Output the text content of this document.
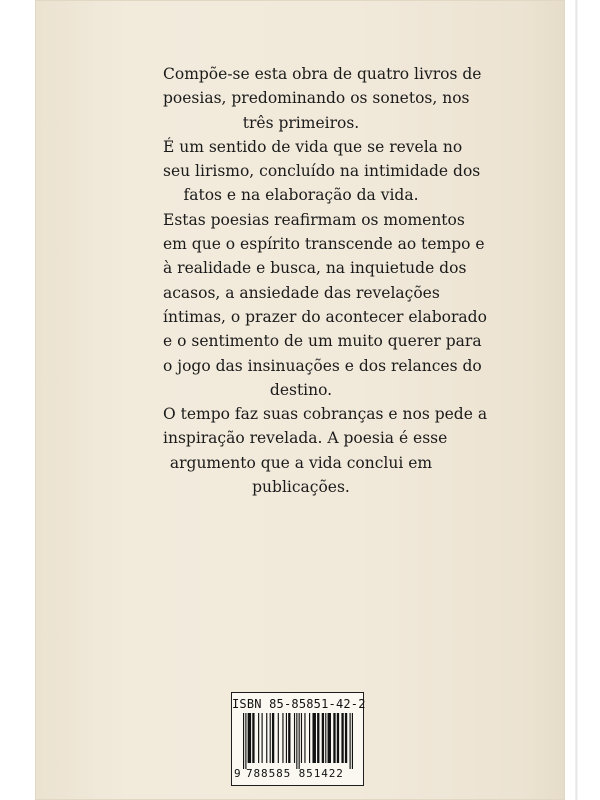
Compõe-se esta obra de quatro livros de
poesias, predominando os sonetos, nos
três primeiros.
É um sentido de vida que se revela no
seu lirismo, concluído na intimidade dos
fatos e na elaboração da vida.
Estas poesias reafirmam os momentos
em que o espírito transcende ao tempo e
à realidade e busca, na inquietude dos
acasos, a ansiedade das revelações
íntimas, o prazer do acontecer elaborado
e o sentimento de um muito querer para
o jogo das insinuações e dos relances do
destino.
O tempo faz suas cobranças e nos pede a
inspiração revelada. A poesia é esse
argumento que a vida conclui em
publicações.

ISBN 85-85851-42-2
9 788585 851422
